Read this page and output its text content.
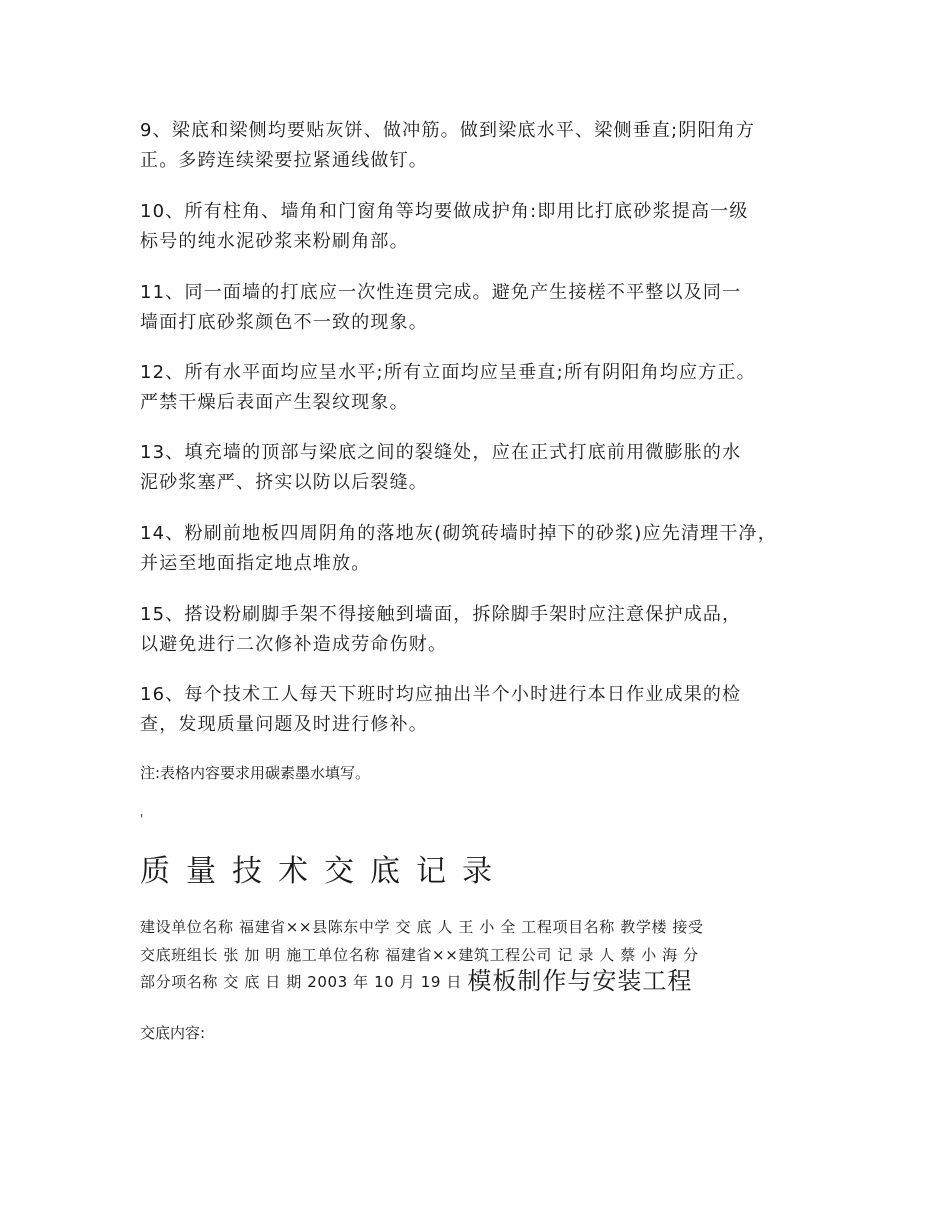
9、梁底和梁侧均要贴灰饼、做冲筋。做到梁底水平、梁侧垂直;阴阳角方
正。多跨连续梁要拉紧通线做钉。

10、所有柱角、墙角和门窗角等均要做成护角:即用比打底砂浆提高一级
标号的纯水泥砂浆来粉刷角部。

11、同一面墙的打底应一次性连贯完成。避免产生接槎不平整以及同一
墙面打底砂浆颜色不一致的现象。

12、所有水平面均应呈水平;所有立面均应呈垂直;所有阴阳角均应方正。
严禁干燥后表面产生裂纹现象。

13、填充墙的顶部与梁底之间的裂缝处，应在正式打底前用微膨胀的水
泥砂浆塞严、挤实以防以后裂缝。

14、粉刷前地板四周阴角的落地灰(砌筑砖墙时掉下的砂浆)应先清理干净，
并运至地面指定地点堆放。

15、搭设粉刷脚手架不得接触到墙面，拆除脚手架时应注意保护成品，
以避免进行二次修补造成劳命伤财。

16、每个技术工人每天下班时均应抽出半个小时进行本日作业成果的检
查，发现质量问题及时进行修补。

注:表格内容要求用碳素墨水填写。

'
质量技术交底记录

建设单位名称 福建省××县陈东中学 交 底 人 王 小 全 工程项目名称 教学楼 接受

交底班组长 张 加 明 施工单位名称 福建省××建筑工程公司 记 录 人 蔡 小 海 分

部分项名称 交 底 日 期 2003 年 10 月 19 日 模板制作与安装工程

交底内容:
